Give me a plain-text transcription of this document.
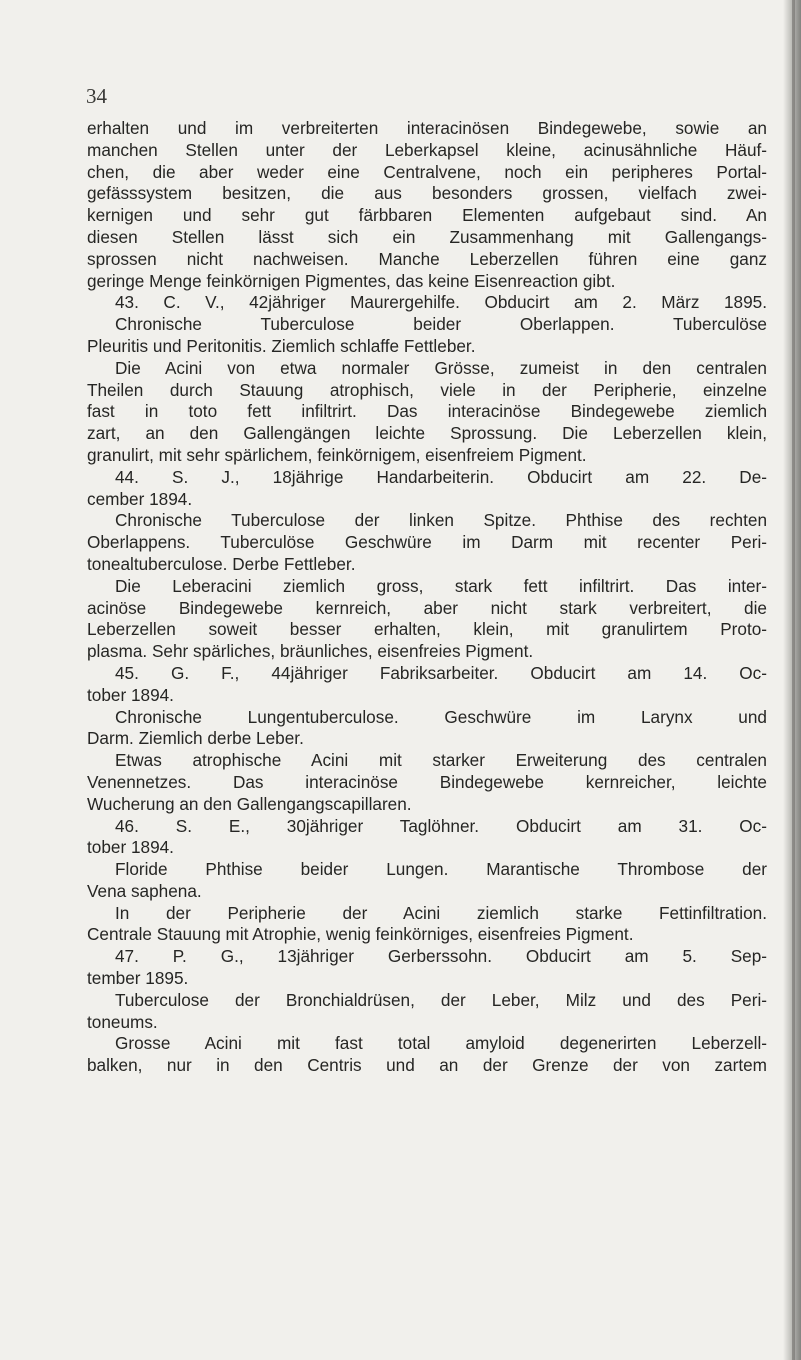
34
erhalten und im verbreiterten interacinösen Bindegewebe, sowie an
manchen Stellen unter der Leberkapsel kleine, acinusähnliche Häuf-
chen, die aber weder eine Centralvene, noch ein peripheres Portal-
gefässsystem besitzen, die aus besonders grossen, vielfach zwei-
kernigen und sehr gut färbbaren Elementen aufgebaut sind. An
diesen Stellen lässt sich ein Zusammenhang mit Gallengangs-
sprossen nicht nachweisen. Manche Leberzellen führen eine ganz
geringe Menge feinkörnigen Pigmentes, das keine Eisenreaction gibt.
43. C. V., 42jähriger Maurergehilfe. Obducirt am 2. März 1895.
Chronische Tuberculose beider Oberlappen. Tuberculöse
Pleuritis und Peritonitis. Ziemlich schlaffe Fettleber.
Die Acini von etwa normaler Grösse, zumeist in den centralen
Theilen durch Stauung atrophisch, viele in der Peripherie, einzelne
fast in toto fett infiltrirt. Das interacinöse Bindegewebe ziemlich
zart, an den Gallengängen leichte Sprossung. Die Leberzellen klein,
granulirt, mit sehr spärlichem, feinkörnigem, eisenfreiem Pigment.
44. S. J., 18jährige Handarbeiterin. Obducirt am 22. De-
cember 1894.
Chronische Tuberculose der linken Spitze. Phthise des rechten
Oberlappens. Tuberculöse Geschwüre im Darm mit recenter Peri-
tonealtuberculose. Derbe Fettleber.
Die Leberacini ziemlich gross, stark fett infiltrirt. Das inter-
acinöse Bindegewebe kernreich, aber nicht stark verbreitert, die
Leberzellen soweit besser erhalten, klein, mit granulirtem Proto-
plasma. Sehr spärliches, bräunliches, eisenfreies Pigment.
45. G. F., 44jähriger Fabriksarbeiter. Obducirt am 14. Oc-
tober 1894.
Chronische Lungentuberculose. Geschwüre im Larynx und
Darm. Ziemlich derbe Leber.
Etwas atrophische Acini mit starker Erweiterung des centralen
Venennetzes. Das interacinöse Bindegewebe kernreicher, leichte
Wucherung an den Gallengangscapillaren.
46. S. E., 30jähriger Taglöhner. Obducirt am 31. Oc-
tober 1894.
Floride Phthise beider Lungen. Marantische Thrombose der
Vena saphena.
In der Peripherie der Acini ziemlich starke Fettinfiltration.
Centrale Stauung mit Atrophie, wenig feinkörniges, eisenfreies Pigment.
47. P. G., 13jähriger Gerberssohn. Obducirt am 5. Sep-
tember 1895.
Tuberculose der Bronchialdrüsen, der Leber, Milz und des Peri-
toneums.
Grosse Acini mit fast total amyloid degenerirten Leberzell-
balken, nur in den Centris und an der Grenze der von zartem
